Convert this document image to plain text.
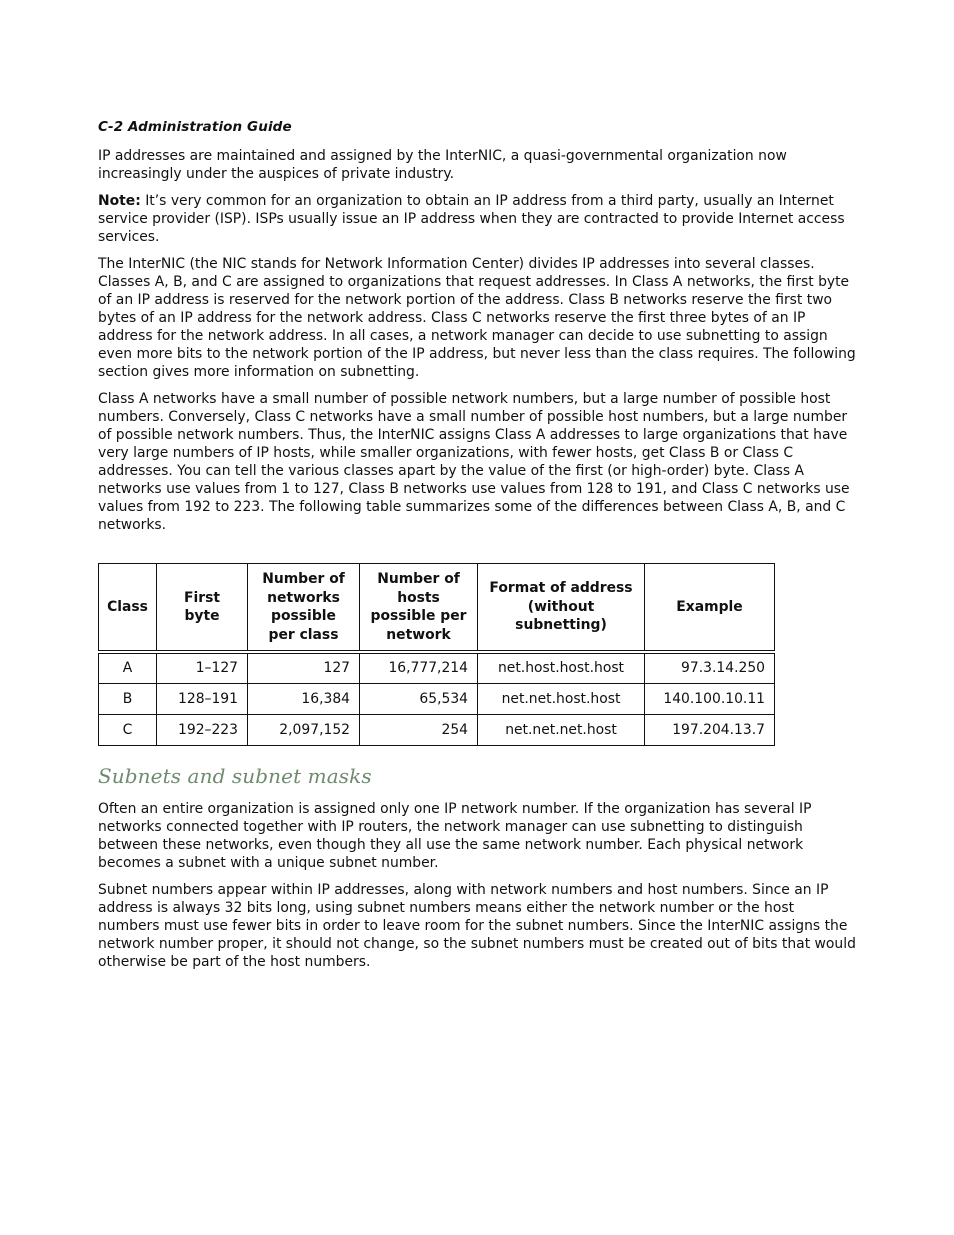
C-2 Administration Guide

IP addresses are maintained and assigned by the InterNIC, a quasi-governmental organization now increasingly under the auspices of private industry.

Note: It’s very common for an organization to obtain an IP address from a third party, usually an Internet service provider (ISP). ISPs usually issue an IP address when they are contracted to provide Internet access services.

The InterNIC (the NIC stands for Network Information Center) divides IP addresses into several classes. Classes A, B, and C are assigned to organizations that request addresses. In Class A networks, the first byte of an IP address is reserved for the network portion of the address. Class B networks reserve the first two bytes of an IP address for the network address. Class C networks reserve the first three bytes of an IP address for the network address. In all cases, a network manager can decide to use subnetting to assign even more bits to the network portion of the IP address, but never less than the class requires. The following section gives more information on subnetting.

Class A networks have a small number of possible network numbers, but a large number of possible host numbers. Conversely, Class C networks have a small number of possible host numbers, but a large number of possible network numbers. Thus, the InterNIC assigns Class A addresses to large organizations that have very large numbers of IP hosts, while smaller organizations, with fewer hosts, get Class B or Class C addresses. You can tell the various classes apart by the value of the first (or high-order) byte. Class A networks use values from 1 to 127, Class B networks use values from 128 to 191, and Class C networks use values from 192 to 223. The following table summarizes some of the differences between Class A, B, and C networks.

Class	First byte	Number of networks possible per class	Number of hosts possible per network	Format of address (without subnetting)	Example
A	1–127	127	16,777,214	net.host.host.host	97.3.14.250
B	128–191	16,384	65,534	net.net.host.host	140.100.10.11
C	192–223	2,097,152	254	net.net.net.host	197.204.13.7
Subnets and subnet masks

Often an entire organization is assigned only one IP network number. If the organization has several IP networks connected together with IP routers, the network manager can use subnetting to distinguish between these networks, even though they all use the same network number. Each physical network becomes a subnet with a unique subnet number.

Subnet numbers appear within IP addresses, along with network numbers and host numbers. Since an IP address is always 32 bits long, using subnet numbers means either the network number or the host numbers must use fewer bits in order to leave room for the subnet numbers. Since the InterNIC assigns the network number proper, it should not change, so the subnet numbers must be created out of bits that would otherwise be part of the host numbers.
